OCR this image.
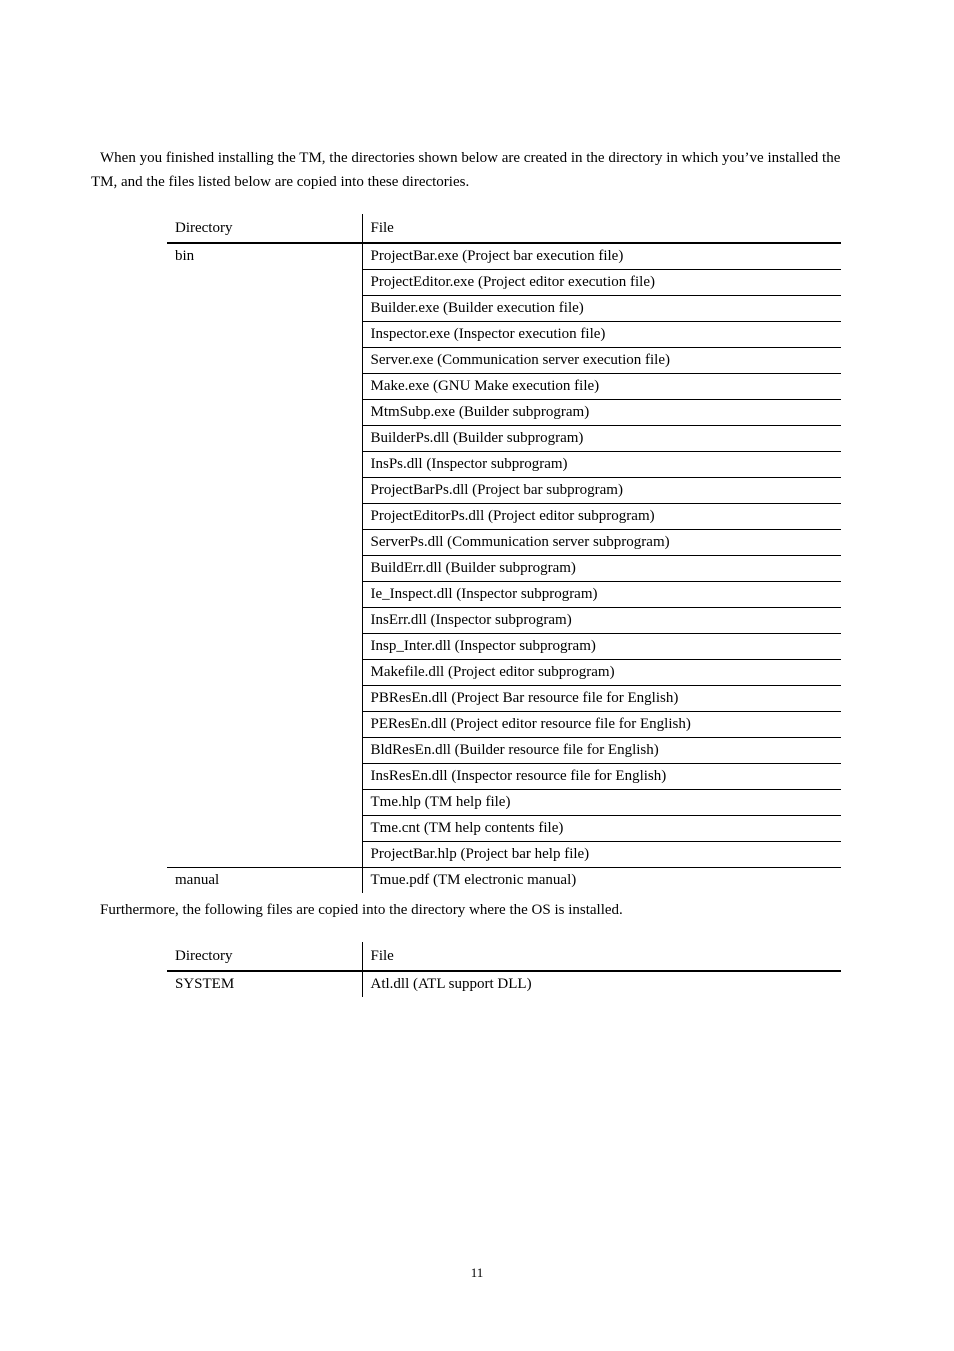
When you finished installing the TM, the directories shown below are created in the directory in which you’ve installed the TM, and the files listed below are copied into these directories.

Directory	File
bin	ProjectBar.exe (Project bar execution file)
	ProjectEditor.exe (Project editor execution file)
	Builder.exe (Builder execution file)
	Inspector.exe (Inspector execution file)
	Server.exe (Communication server execution file)
	Make.exe (GNU Make execution file)
	MtmSubp.exe (Builder subprogram)
	BuilderPs.dll (Builder subprogram)
	InsPs.dll (Inspector subprogram)
	ProjectBarPs.dll (Project bar subprogram)
	ProjectEditorPs.dll (Project editor subprogram)
	ServerPs.dll (Communication server subprogram)
	BuildErr.dll (Builder subprogram)
	Ie_Inspect.dll (Inspector subprogram)
	InsErr.dll (Inspector subprogram)
	Insp_Inter.dll (Inspector subprogram)
	Makefile.dll (Project editor subprogram)
	PBResEn.dll (Project Bar resource file for English)
	PEResEn.dll (Project editor resource file for English)
	BldResEn.dll (Builder resource file for English)
	InsResEn.dll (Inspector resource file for English)
	Tme.hlp (TM help file)
	Tme.cnt (TM help contents file)
	ProjectBar.hlp (Project bar help file)
manual	Tmue.pdf (TM electronic manual)

Furthermore, the following files are copied into the directory where the OS is installed.

Directory	File
SYSTEM	Atl.dll (ATL support DLL)
11
